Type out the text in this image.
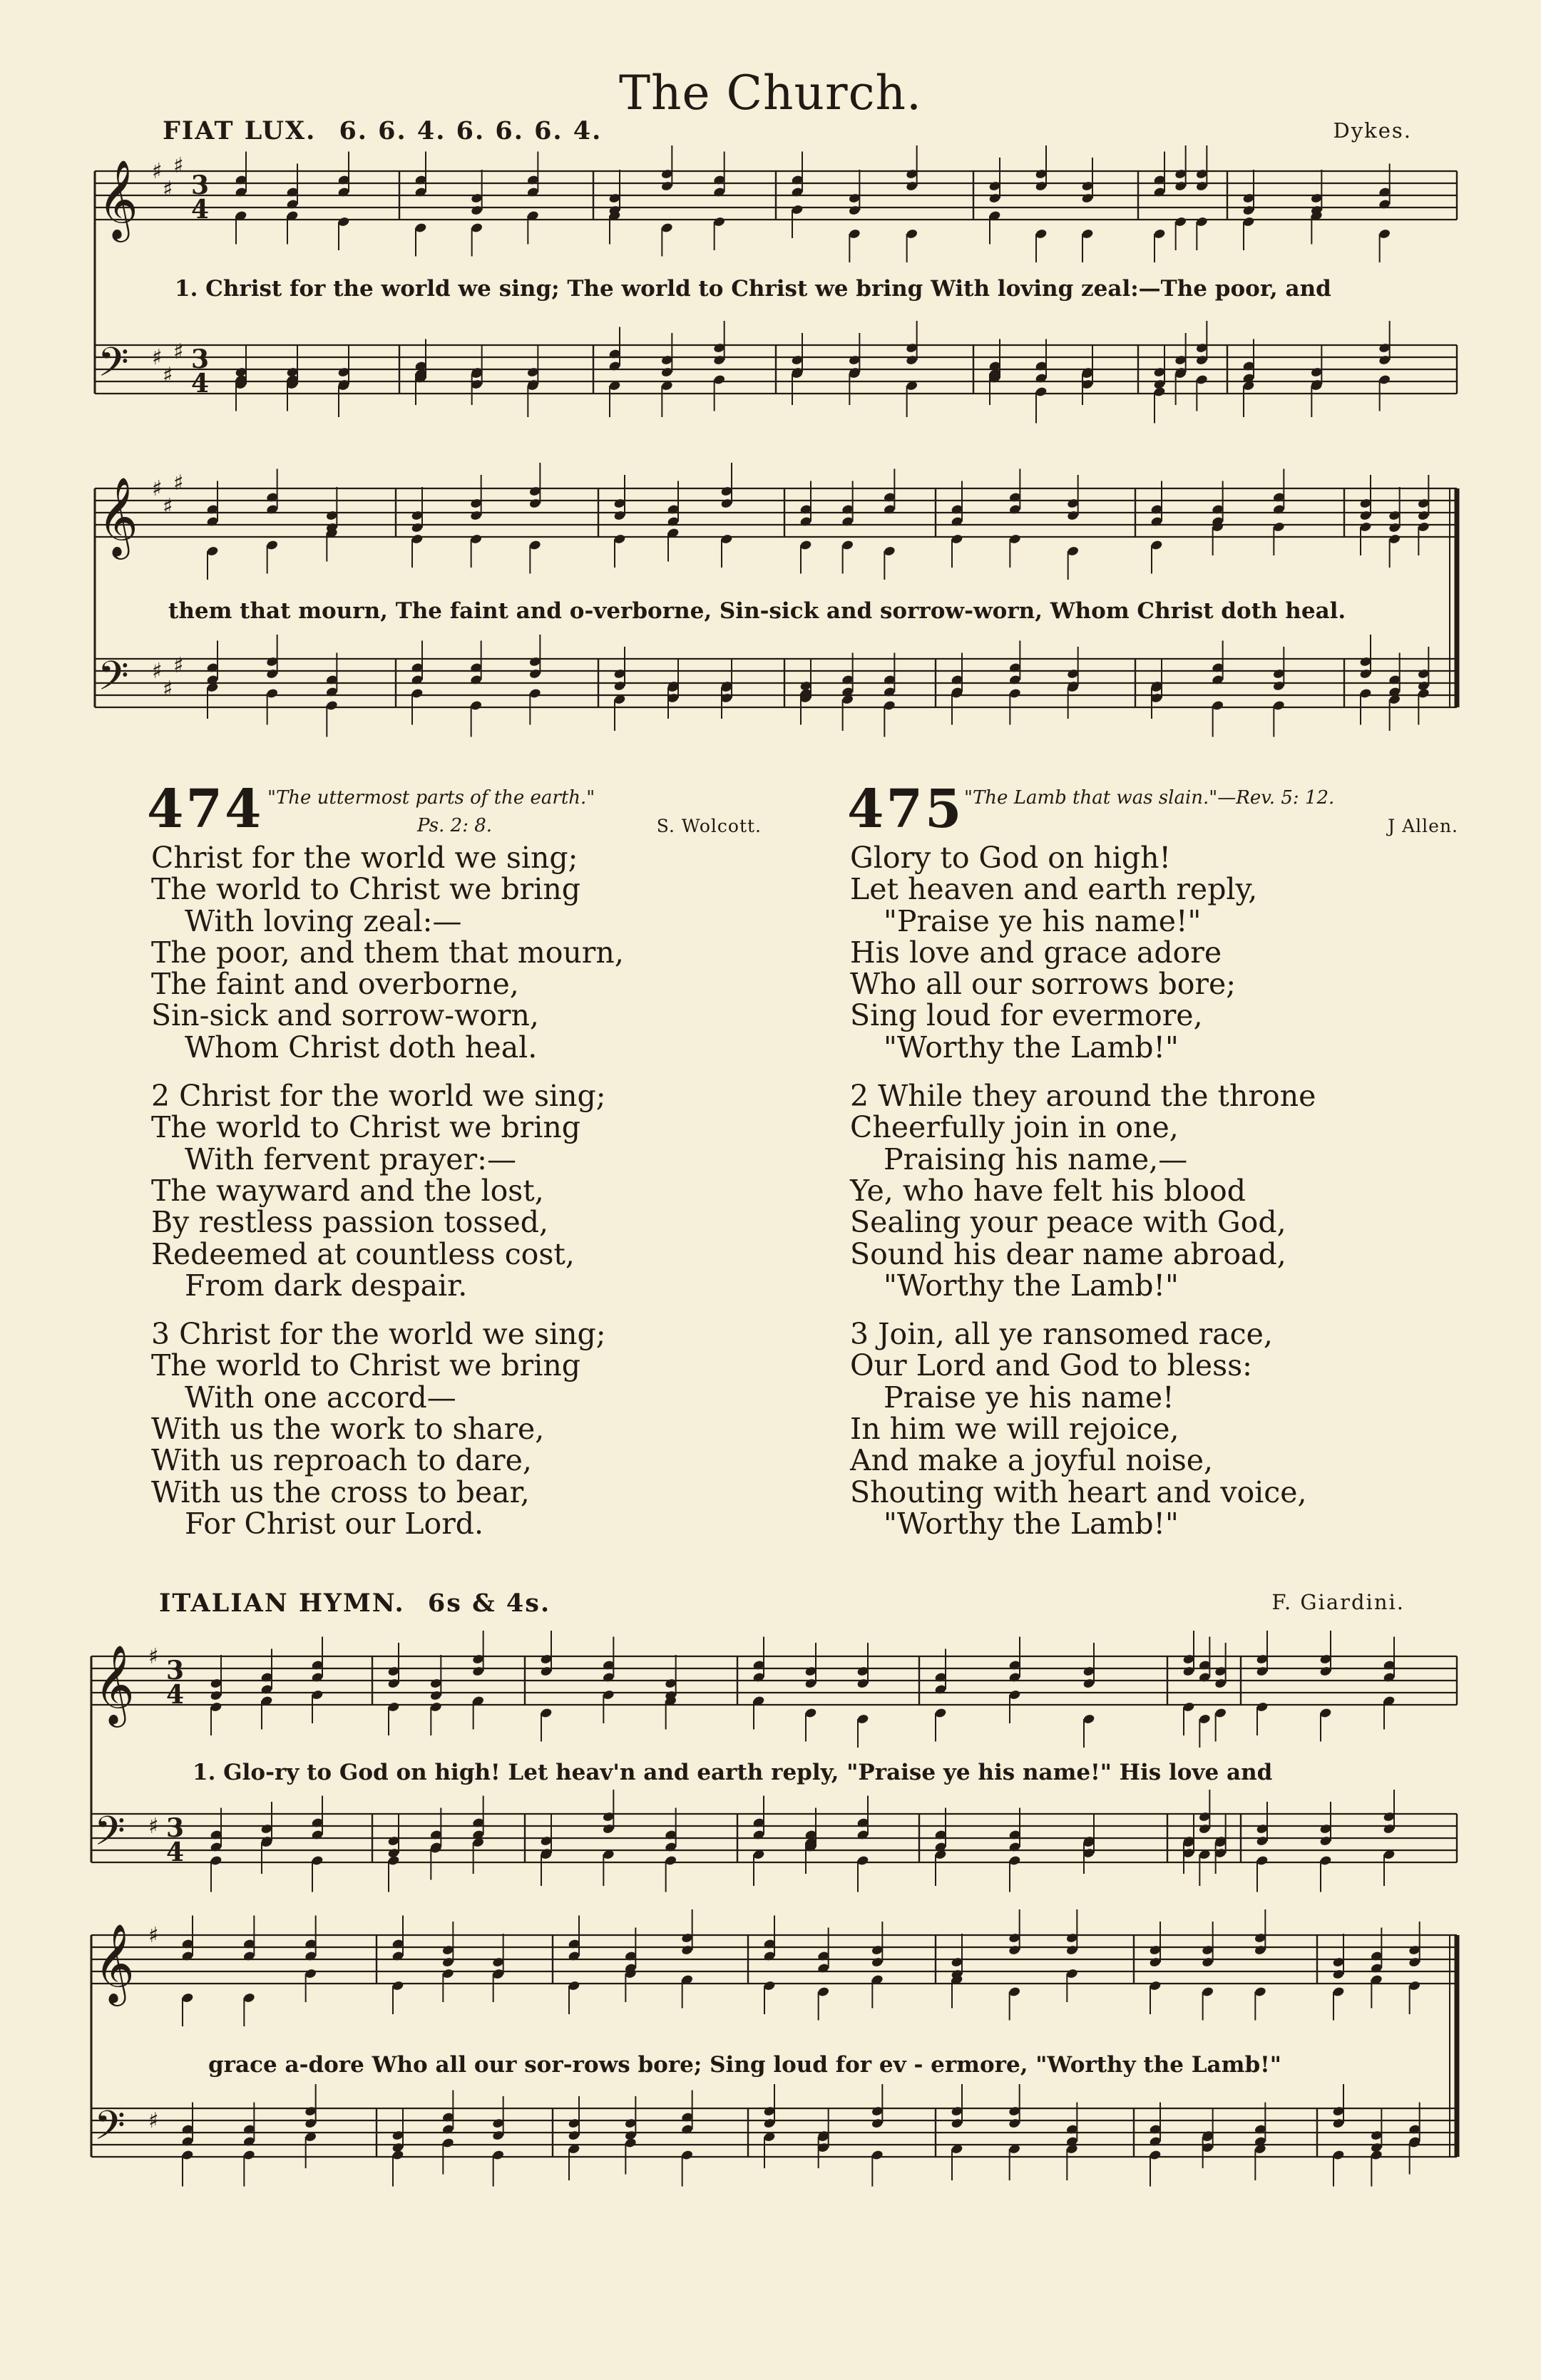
The Church.
FIAT LUX. 6. 6. 4. 6. 6. 6. 4.	Dykes.
1. Christ for the world we sing; The world to Christ we bring With loving zeal:—The poor, and
them that mourn, The faint and o-verborne, Sin-sick and sorrow-worn, Whom Christ doth heal.
ITALIAN HYMN. 6s & 4s.	F. Giardini.
1. Glo-ry to God on high! Let heav'n and earth reply, "Praise ye his name!" His love and
grace a-dore Who all our sor-rows bore; Sing loud for ev - ermore, "Worthy the Lamb!"
𝄞
𝄢
♯
♯
♯
♯
♯
♯
3
4
3
4
𝄞
𝄢
♯
♯
♯
♯
♯
♯
𝄞
𝄢
♯
♯
3
4
3
4
𝄞
𝄢
♯
♯
474 "The uttermost parts of the earth."
Ps. 2: 8.	S. Wolcott.
Christ for the world we sing;
The world to Christ we bring
With loving zeal:—
The poor, and them that mourn,
The faint and overborne,
Sin-sick and sorrow-worn,
Whom Christ doth heal.
2 Christ for the world we sing;
The world to Christ we bring
With fervent prayer:—
The wayward and the lost,
By restless passion tossed,
Redeemed at countless cost,
From dark despair.
3 Christ for the world we sing;
The world to Christ we bring
With one accord—
With us the work to share,
With us reproach to dare,
With us the cross to bear,
For Christ our Lord.
475 "The Lamb that was slain."—Rev. 5: 12.
J Allen.
Glory to God on high!
Let heaven and earth reply,
"Praise ye his name!"
His love and grace adore
Who all our sorrows bore;
Sing loud for evermore,
"Worthy the Lamb!"
2 While they around the throne
Cheerfully join in one,
Praising his name,—
Ye, who have felt his blood
Sealing your peace with God,
Sound his dear name abroad,
"Worthy the Lamb!"
3 Join, all ye ransomed race,
Our Lord and God to bless:
Praise ye his name!
In him we will rejoice,
And make a joyful noise,
Shouting with heart and voice,
"Worthy the Lamb!"
